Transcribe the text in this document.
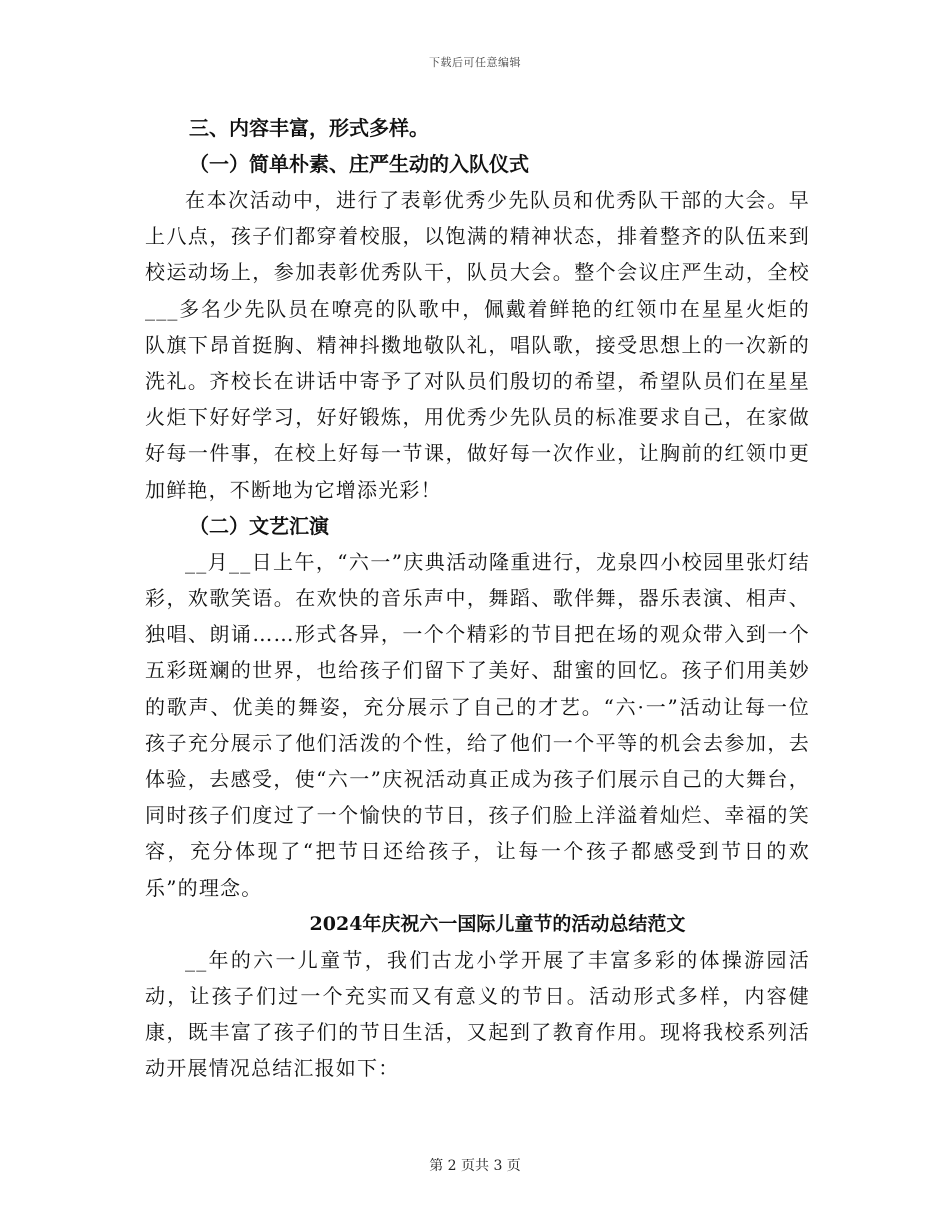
下载后可任意编辑
三、内容丰富，形式多样。
（一）简单朴素、庄严生动的入队仪式

在本次活动中，进行了表彰优秀少先队员和优秀队干部的大会。早上八点，孩子们都穿着校服，以饱满的精神状态，排着整齐的队伍来到校运动场上，参加表彰优秀队干，队员大会。整个会议庄严生动，全校___多名少先队员在嘹亮的队歌中，佩戴着鲜艳的红领巾在星星火炬的队旗下昂首挺胸、精神抖擞地敬队礼，唱队歌，接受思想上的一次新的洗礼。齐校长在讲话中寄予了对队员们殷切的希望，希望队员们在星星火炬下好好学习，好好锻炼，用优秀少先队员的标准要求自己，在家做好每一件事，在校上好每一节课，做好每一次作业，让胸前的红领巾更加鲜艳，不断地为它增添光彩！

（二）文艺汇演

__月__日上午，“六一”庆典活动隆重进行，龙泉四小校园里张灯结彩，欢歌笑语。在欢快的音乐声中，舞蹈、歌伴舞，器乐表演、相声、独唱、朗诵……形式各异，一个个精彩的节目把在场的观众带入到一个五彩斑斓的世界，也给孩子们留下了美好、甜蜜的回忆。孩子们用美妙的歌声、优美的舞姿，充分展示了自己的才艺。“六·一”活动让每一位孩子充分展示了他们活泼的个性，给了他们一个平等的机会去参加，去体验，去感受，使“六一”庆祝活动真正成为孩子们展示自己的大舞台，同时孩子们度过了一个愉快的节日，孩子们脸上洋溢着灿烂、幸福的笑容，充分体现了“把节日还给孩子，让每一个孩子都感受到节日的欢乐”的理念。

2024年庆祝六一国际儿童节的活动总结范文

__年的六一儿童节，我们古龙小学开展了丰富多彩的体操游园活动，让孩子们过一个充实而又有意义的节日。活动形式多样，内容健康，既丰富了孩子们的节日生活，又起到了教育作用。现将我校系列活动开展情况总结汇报如下：

第 2 页共 3 页
